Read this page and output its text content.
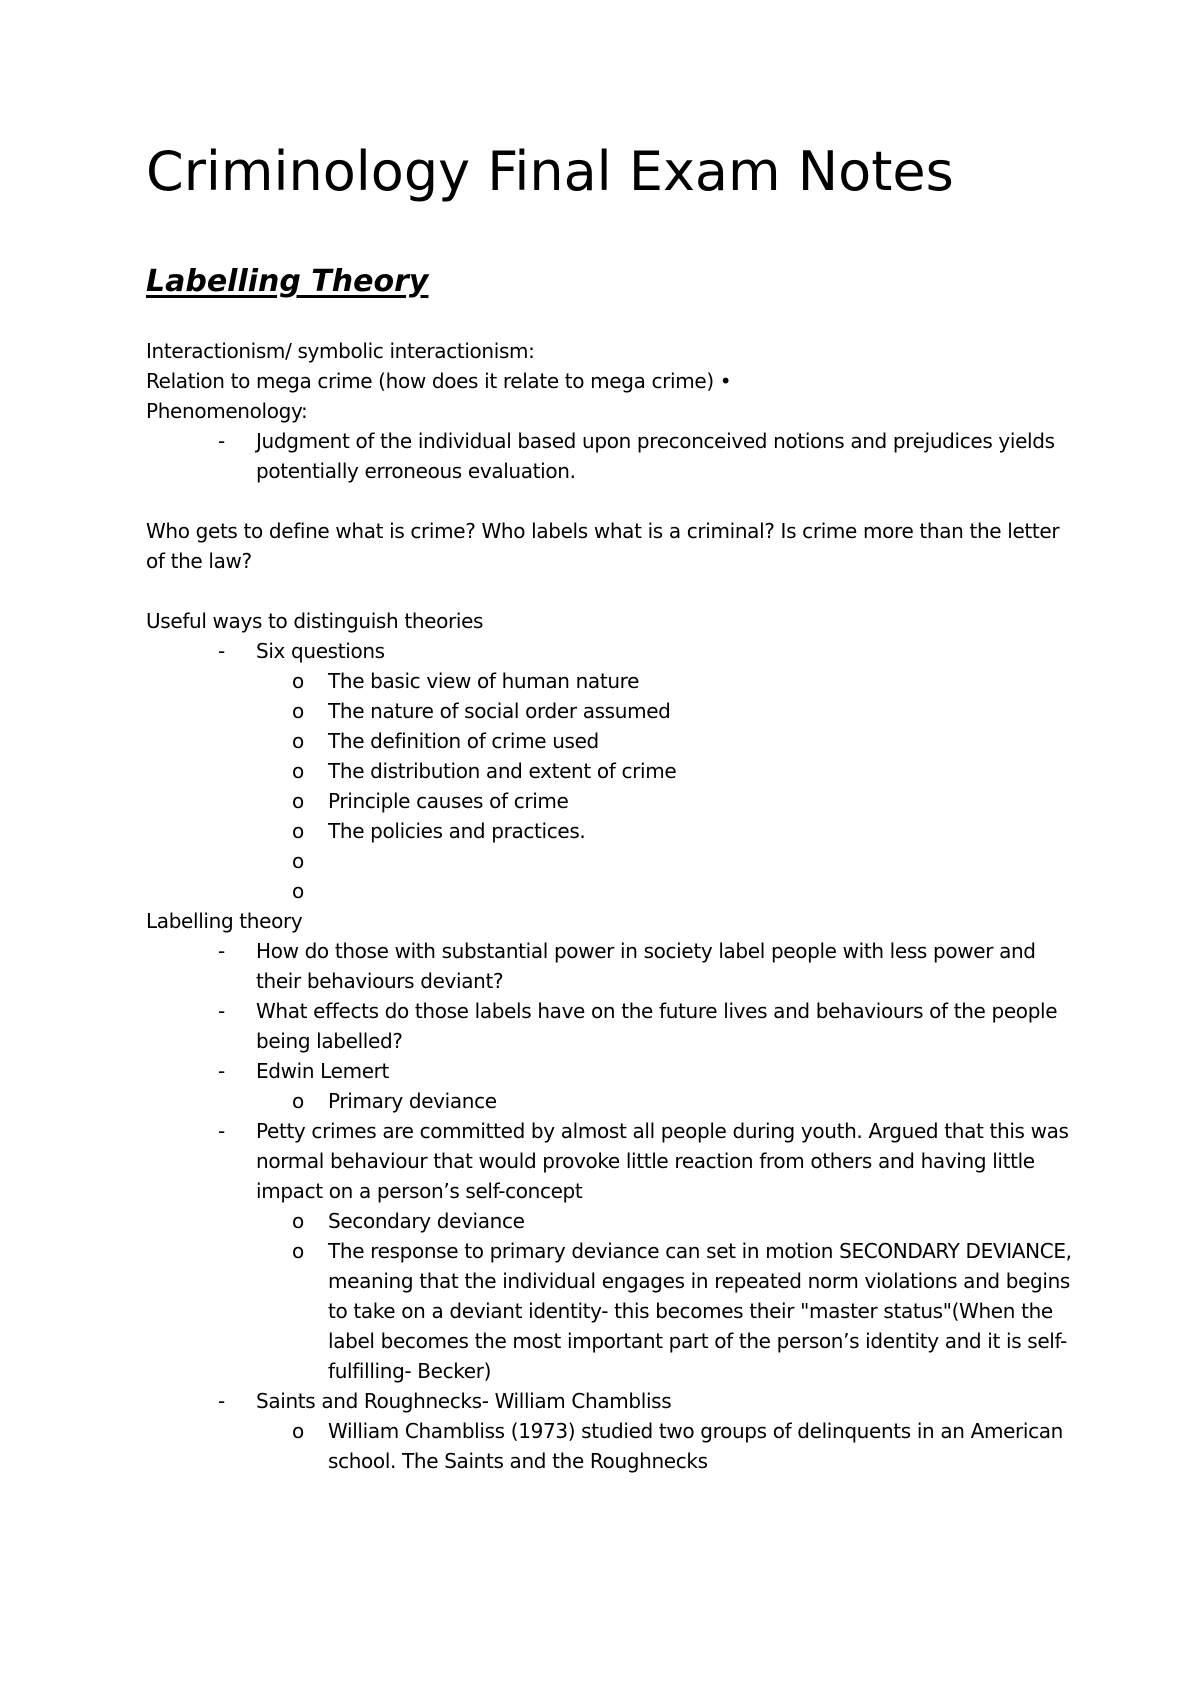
Criminology Final Exam Notes
Labelling Theory
Interactionism/ symbolic interactionism:
Relation to mega crime (how does it relate to mega crime) •
Phenomenology:
-	Judgment of the individual based upon preconceived notions and prejudices yields potentially erroneous evaluation.
Who gets to define what is crime? Who labels what is a criminal? Is crime more than the letter of the law?
Useful ways to distinguish theories
-	Six questions
o	The basic view of human nature
o	The nature of social order assumed
o	The definition of crime used
o	The distribution and extent of crime
o	Principle causes of crime
o	The policies and practices.
o
o
Labelling theory
-	How do those with substantial power in society label people with less power and their behaviours deviant?
-	What effects do those labels have on the future lives and behaviours of the people being labelled?
-	Edwin Lemert
o	Primary deviance
-	Petty crimes are committed by almost all people during youth. Argued that this was normal behaviour that would provoke little reaction from others and having little impact on a person’s self-concept
o	Secondary deviance
o	The response to primary deviance can set in motion SECONDARY DEVIANCE, meaning that the individual engages in repeated norm violations and begins to take on a deviant identity- this becomes their "master status"(When the label becomes the most important part of the person’s identity and it is self-fulfilling- Becker)
-	Saints and Roughnecks- William Chambliss
o	William Chambliss (1973) studied two groups of delinquents in an American school. The Saints and the Roughnecks
